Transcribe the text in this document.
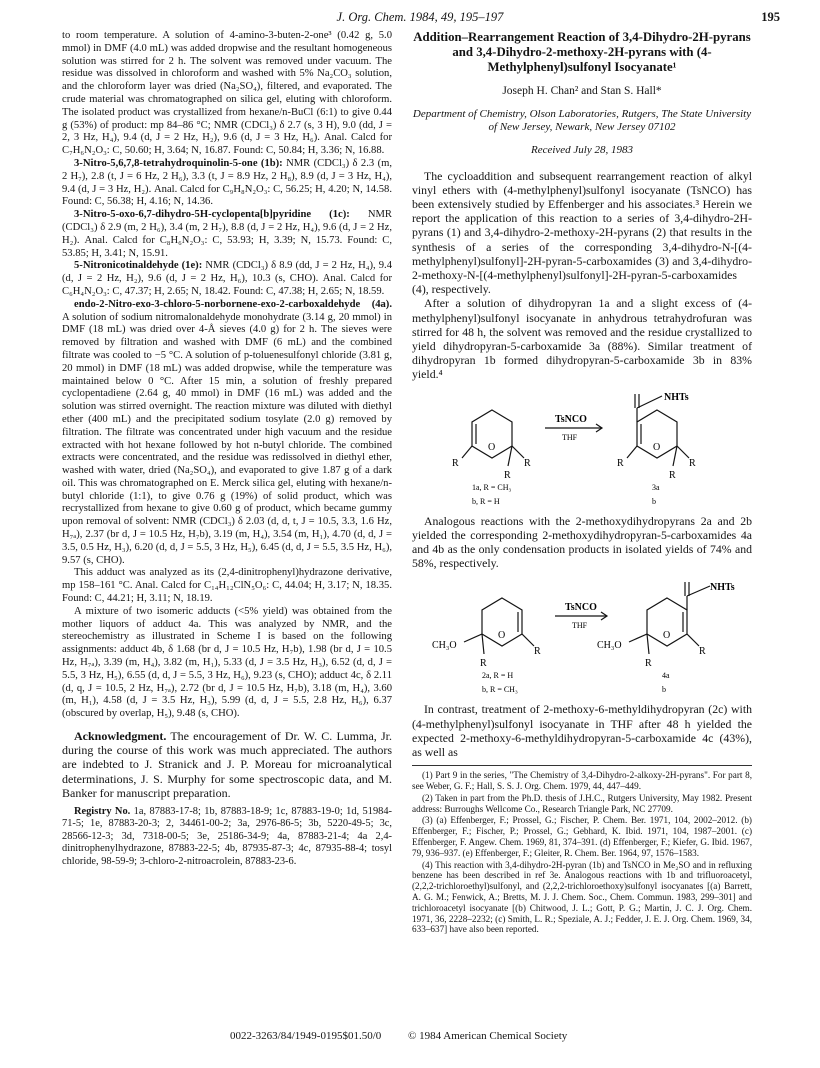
J. Org. Chem. 1984, 49, 195–197	195

to room temperature. A solution of 4-amino-3-buten-2-one³ (0.42 g, 5.0 mmol) in DMF (4.0 mL) was added dropwise and the resultant homogeneous solution was stirred for 2 h. The solvent was removed under vacuum. The residue was dissolved in chloroform and washed with 5% Na₂CO₃ solution, and the chloroform layer was dried (Na₂SO₄), filtered, and evaporated. The crude material was chromatographed on silica gel, eluting with chloroform. The isolated product was crystallized from hexane/n-BuCl (6:1) to give 0.44 g (53%) of product: mp 84–86 °C; NMR (CDCl₃) δ 2.7 (s, 3 H), 9.0 (dd, J = 2, 3 Hz, H₄), 9.4 (d, J = 2 Hz, H₂), 9.6 (d, J = 3 Hz, H₆). Anal. Calcd for C₇H₆N₂O₃: C, 50.60; H, 3.64; N, 16.87. Found: C, 50.84; H, 3.36; N, 16.88.

3-Nitro-5,6,7,8-tetrahydroquinolin-5-one (1b): NMR (CDCl₃) δ 2.3 (m, 2 H₇), 2.8 (t, J = 6 Hz, 2 H₆), 3.3 (t, J = 8.9 Hz, 2 H₈), 8.9 (d, J = 3 Hz, H₄), 9.4 (d, J = 3 Hz, H₂). Anal. Calcd for C₉H₈N₂O₃: C, 56.25; H, 4.20; N, 14.58. Found: C, 56.38; H, 4.16; N, 14.36.

3-Nitro-5-oxo-6,7-dihydro-5H-cyclopenta[b]pyridine (1c): NMR (CDCl₃) δ 2.9 (m, 2 H₆), 3.4 (m, 2 H₇), 8.8 (d, J = 2 Hz, H₄), 9.6 (d, J = 2 Hz, H₂). Anal. Calcd for C₈H₆N₂O₃: C, 53.93; H, 3.39; N, 15.73. Found: C, 53.85; H, 3.41; N, 15.91.

5-Nitronicotinaldehyde (1e): NMR (CDCl₃) δ 8.9 (dd, J = 2 Hz, H₄), 9.4 (d, J = 2 Hz, H₂), 9.6 (d, J = 2 Hz, H₆), 10.3 (s, CHO). Anal. Calcd for C₆H₄N₂O₃: C, 47.37; H, 2.65; N, 18.42. Found: C, 47.38; H, 2.65; N, 18.59.

endo-2-Nitro-exo-3-chloro-5-norbornene-exo-2-carboxaldehyde (4a). A solution of sodium nitromalonaldehyde monohydrate (3.14 g, 20 mmol) in DMF (18 mL) was dried over 4-Å sieves (4.0 g) for 2 h. The sieves were removed by filtration and washed with DMF (6 mL) and the combined filtrate was cooled to −5 °C. A solution of p-toluenesulfonyl chloride (3.81 g, 20 mmol) in DMF (18 mL) was added dropwise, while the temperature was maintained below 0 °C. After 15 min, a solution of freshly prepared cyclopentadiene (2.64 g, 40 mmol) in DMF (16 mL) was added and the solution was stirred overnight. The reaction mixture was diluted with diethyl ether (400 mL) and the precipitated sodium tosylate (2.0 g) removed by filtration. The filtrate was concentrated under high vacuum and the residue extracted with hot hexane followed by hot n-butyl chloride. The combined extracts were concentrated, and the residue was redissolved in diethyl ether, washed with water, dried (Na₂SO₄), and evaporated to give 1.87 g of a dark oil. This was chromatographed on E. Merck silica gel, eluting with hexane/n-butyl chloride (1:1), to give 0.76 g (19%) of solid product, which was recrystallized from hexane to give 0.60 g of product, which became gummy upon removal of solvent: NMR (CDCl₃) δ 2.03 (d, d, t, J = 10.5, 3.3, 1.6 Hz, H₇ₐ), 2.37 (br d, J = 10.5 Hz, H₇b), 3.19 (m, H₄), 3.54 (m, H₁), 4.70 (d, d, J = 3.5, 0.5 Hz, H₃), 6.20 (d, d, J = 5.5, 3 Hz, H₅), 6.45 (d, d, J = 5.5, 3.5 Hz, H₆), 9.57 (s, CHO).

This adduct was analyzed as its (2,4-dinitrophenyl)hydrazone derivative, mp 158–161 °C. Anal. Calcd for C₁₄H₁₂ClN₅O₆: C, 44.04; H, 3.17; N, 18.35. Found: C, 44.21; H, 3.11; N, 18.19.

A mixture of two isomeric adducts (<5% yield) was obtained from the mother liquors of adduct 4a. This was analyzed by NMR, and the stereochemistry as illustrated in Scheme I is based on the following assignments: adduct 4b, δ 1.68 (br d, J = 10.5 Hz, H₇b), 1.98 (br d, J = 10.5 Hz, H₇ₐ), 3.39 (m, H₄), 3.82 (m, H₁), 5.33 (d, J = 3.5 Hz, H₃), 6.52 (d, d, J = 5.5, 3 Hz, H₅), 6.55 (d, d, J = 5.5, 3 Hz, H₆), 9.23 (s, CHO); adduct 4c, δ 2.11 (d, q, J = 10.5, 2 Hz, H₇ₐ), 2.72 (br d, J = 10.5 Hz, H₇b), 3.18 (m, H₄), 3.60 (m, H₁), 4.58 (d, J = 3.5 Hz, H₃), 5.99 (d, d, J = 5.5, 2.8 Hz, H₆), 6.37 (obscured by overlap, H₅), 9.48 (s, CHO).

Acknowledgment. The encouragement of Dr. W. C. Lumma, Jr. during the course of this work was much appreciated. The authors are indebted to J. Stranick and J. P. Moreau for microanalytical determinations, J. S. Murphy for some spectroscopic data, and M. Banker for manuscript preparation.

Registry No. 1a, 87883-17-8; 1b, 87883-18-9; 1c, 87883-19-0; 1d, 51984-71-5; 1e, 87883-20-3; 2, 34461-00-2; 3a, 2976-86-5; 3b, 5220-49-5; 3c, 28566-12-3; 3d, 7318-00-5; 3e, 25186-34-9; 4a, 87883-21-4; 4a 2,4-dinitrophenylhydrazone, 87883-22-5; 4b, 87935-87-3; 4c, 87935-88-4; tosyl chloride, 98-59-9; 3-chloro-2-nitroacrolein, 87883-23-6.

Addition–Rearrangement Reaction of 3,4-Dihydro-2H-pyrans and 3,4-Dihydro-2-methoxy-2H-pyrans with (4-Methylphenyl)sulfonyl Isocyanate¹
Joseph H. Chan² and Stan S. Hall*
Department of Chemistry, Olson Laboratories, Rutgers, The State University of New Jersey, Newark, New Jersey 07102
Received July 28, 1983

The cycloaddition and subsequent rearrangement reaction of alkyl vinyl ethers with (4-methylphenyl)sulfonyl isocyanate (TsNCO) has been extensively studied by Effenberger and his associates.³ Herein we report the application of this reaction to a series of 3,4-dihydro-2H-pyrans (1) and 3,4-dihydro-2-methoxy-2H-pyrans (2) that results in the synthesis of a series of the corresponding 3,4-dihydro-N-[(4-methylphenyl)sulfonyl]-2H-pyran-5-carboxamides (3) and 3,4-dihydro-2-methoxy-N-[(4-methylphenyl)sulfonyl]-2H-pyran-5-carboxamides (4), respectively.

After a solution of dihydropyran 1a and a slight excess of (4-methylphenyl)sulfonyl isocyanate in anhydrous tetrahydrofuran was stirred for 48 h, the solvent was removed and the residue crystallized to yield dihydropyran-5-carboxamide 3a (88%). Similar treatment of dihydropyran 1b formed dihydropyran-5-carboxamide 3b in 83% yield.⁴

O
R	R
R
TsNCO
THF
O
R	R
R
NHTs
1a, R = CH₃
b, R = H
3a
b

Analogous reactions with the 2-methoxydihydropyrans 2a and 2b yielded the corresponding 2-methoxydihydropyran-5-carboxamides 4a and 4b as the only condensation products in isolated yields of 74% and 58%, respectively.

O
CH₃O
R
R
TsNCO
THF
O
CH₃O
R
R
NHTs
2a, R = H
b, R = CH₃
4a
b

In contrast, treatment of 2-methoxy-6-methyldihydropyran (2c) with (4-methylphenyl)sulfonyl isocyanate in THF after 48 h yielded the expected 2-methoxy-6-methyldihydropyran-5-carboxamide 4c (43%), as well as

(1) Part 9 in the series, "The Chemistry of 3,4-Dihydro-2-alkoxy-2H-pyrans". For part 8, see Weber, G. F.; Hall, S. S. J. Org. Chem. 1979, 44, 447–449.

(2) Taken in part from the Ph.D. thesis of J.H.C., Rutgers University, May 1982. Present address: Burroughs Wellcome Co., Research Triangle Park, NC 27709.

(3) (a) Effenberger, F.; Prossel, G.; Fischer, P. Chem. Ber. 1971, 104, 2002–2012. (b) Effenberger, F.; Fischer, P.; Prossel, G.; Gebhard, K. Ibid. 1971, 104, 1987–2001. (c) Effenberger, F. Angew. Chem. 1969, 81, 374–391. (d) Effenberger, F.; Kiefer, G. Ibid. 1967, 79, 936–937. (e) Effenberger, F.; Gleiter, R. Chem. Ber. 1964, 97, 1576–1583.

(4) This reaction with 3,4-dihydro-2H-pyran (1b) and TsNCO in Me₂SO and in refluxing benzene has been described in ref 3e. Analogous reactions with 1b and trifluoroacetyl, (2,2,2-trichloroethyl)sulfonyl, and (2,2,2-trichloroethoxy)sulfonyl isocyanates [(a) Barrett, A. G. M.; Fenwick, A.; Bretts, M. J. J. Chem. Soc., Chem. Commun. 1983, 299–301] and trichloroacetyl isocyanate [(b) Chitwood, J. L.; Gott, P. G.; Martin, J. C. J. Org. Chem. 1971, 36, 2228–2232; (c) Smith, L. R.; Speziale, A. J.; Fedder, J. E. J. Org. Chem. 1969, 34, 633–637] have also been reported.

0022-3263/84/1949-0195$01.50/0 © 1984 American Chemical Society
